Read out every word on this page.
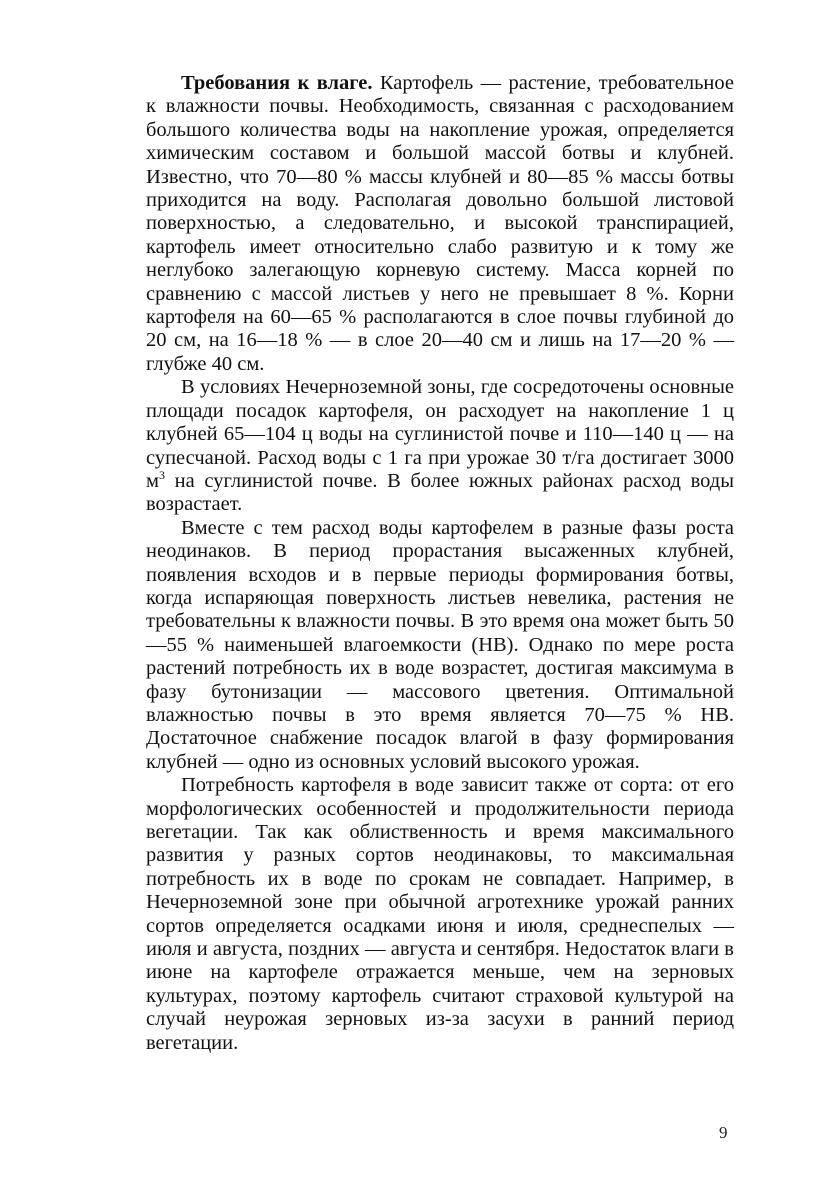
Требования к влаге. Картофель — растение, требовательное к влажности почвы. Необходимость, связанная с расходованием большого количества воды на накопление урожая, определяется химическим составом и большой массой ботвы и клубней. Известно, что 70—80 % массы клубней и 80—85 % массы ботвы приходится на воду. Располагая довольно большой листовой поверхностью, а следовательно, и высокой транспирацией, картофель имеет относительно слабо развитую и к тому же неглубоко залегающую корневую систему. Масса корней по сравнению с массой листьев у него не превышает 8 %. Корни картофеля на 60—65 % располагаются в слое почвы глубиной до 20 см, на 16—18 % — в слое 20—40 см и лишь на 17—20 % — глубже 40 см.

В условиях Нечерноземной зоны, где сосредоточены основные площади посадок картофеля, он расходует на накопление 1 ц клубней 65—104 ц воды на суглинистой почве и 110—140 ц — на супесчаной. Расход воды с 1 га при урожае 30 т/га достигает 3000 $м^3$ на суглинистой почве. В более южных районах расход воды возрастает.

Вместе с тем расход воды картофелем в разные фазы роста неодинаков. В период прорастания высаженных клубней, появления всходов и в первые периоды формирования ботвы, когда испаряющая поверхность листьев невелика, растения не требовательны к влажности почвы. В это время она может быть 50—55 % наименьшей влагоемкости (НВ). Однако по мере роста растений потребность их в воде возрастет, достигая максимума в фазу бутонизации — массового цветения. Оптимальной влажностью почвы в это время является 70—75 % НВ. Достаточное снабжение посадок влагой в фазу формирования клубней — одно из основных условий высокого урожая.

Потребность картофеля в воде зависит также от сорта: от его морфологических особенностей и продолжительности периода вегетации. Так как облиственность и время максимального развития у разных сортов неодинаковы, то максимальная потребность их в воде по срокам не совпадает. Например, в Нечерноземной зоне при обычной агротехнике урожай ранних сортов определяется осадками июня и июля, среднеспелых — июля и августа, поздних — августа и сентября. Недостаток влаги в июне на картофеле отражается меньше, чем на зерновых культурах, поэтому картофель считают страховой культурой на случай неурожая зерновых из-за засухи в ранний период вегетации.

9
